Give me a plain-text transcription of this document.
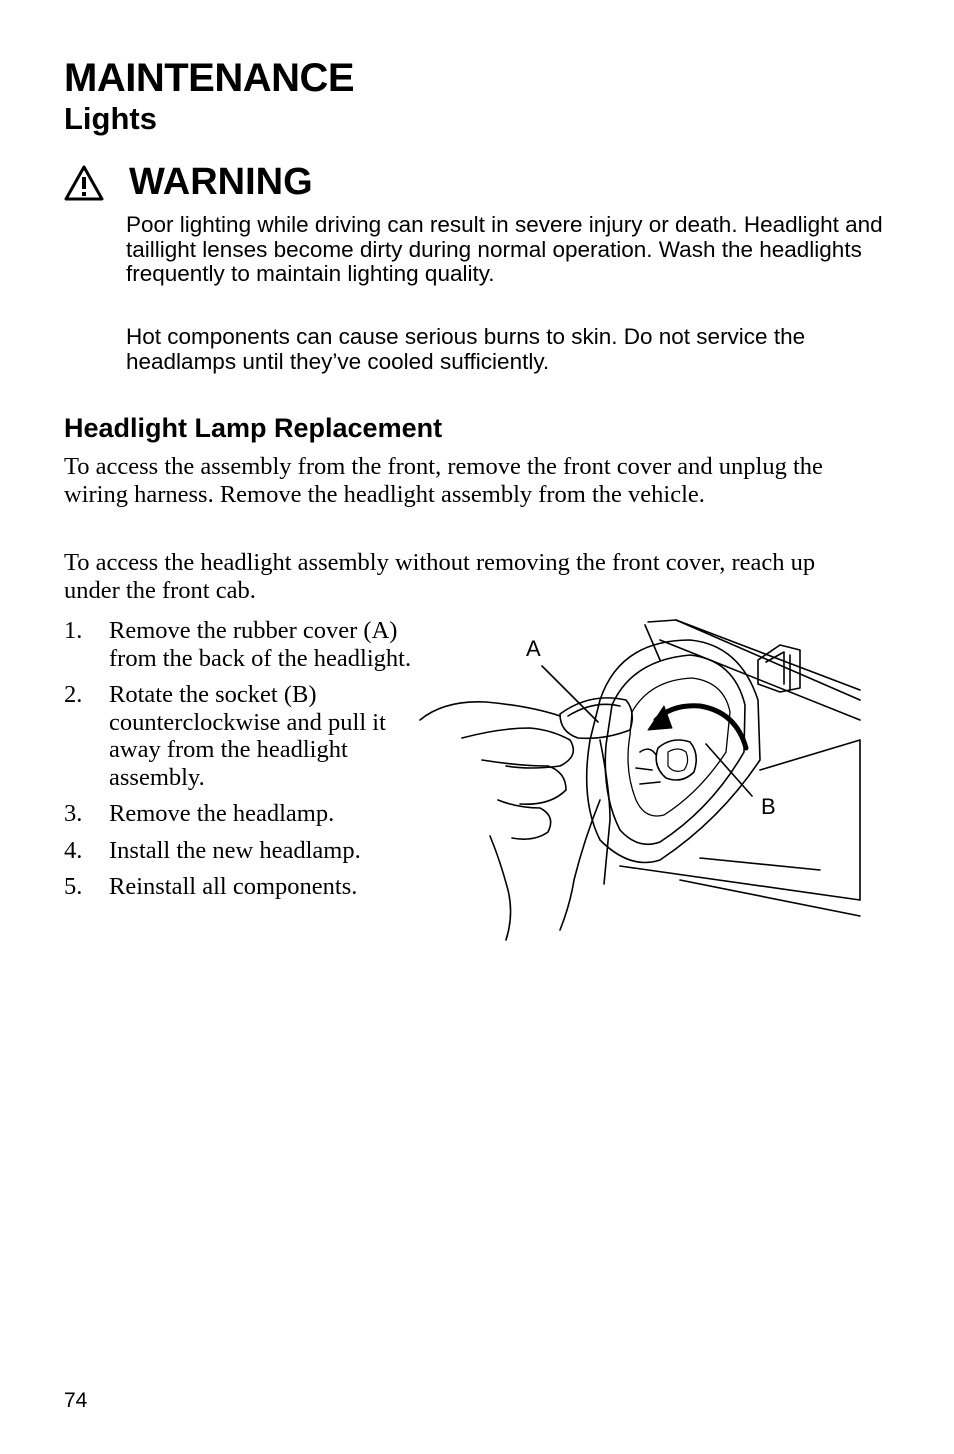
MAINTENANCE
Lights
WARNING
Poor lighting while driving can result in severe injury or death. Headlight and taillight lenses become dirty during normal operation. Wash the headlights frequently to maintain lighting quality.
Hot components can cause serious burns to skin. Do not service the headlamps until they’ve cooled sufficiently.
Headlight Lamp Replacement
To access the assembly from the front, remove the front cover and unplug the wiring harness. Remove the headlight assembly from the vehicle.
To access the headlight assembly without removing the front cover, reach up under the front cab.
1.	Remove the rubber cover (A) from the back of the headlight.
2.	Rotate the socket (B) counterclockwise and pull it away from the headlight assembly.
3.	Remove the headlamp.
4.	Install the new headlamp.
5.	Reinstall all components.
A
B
74
